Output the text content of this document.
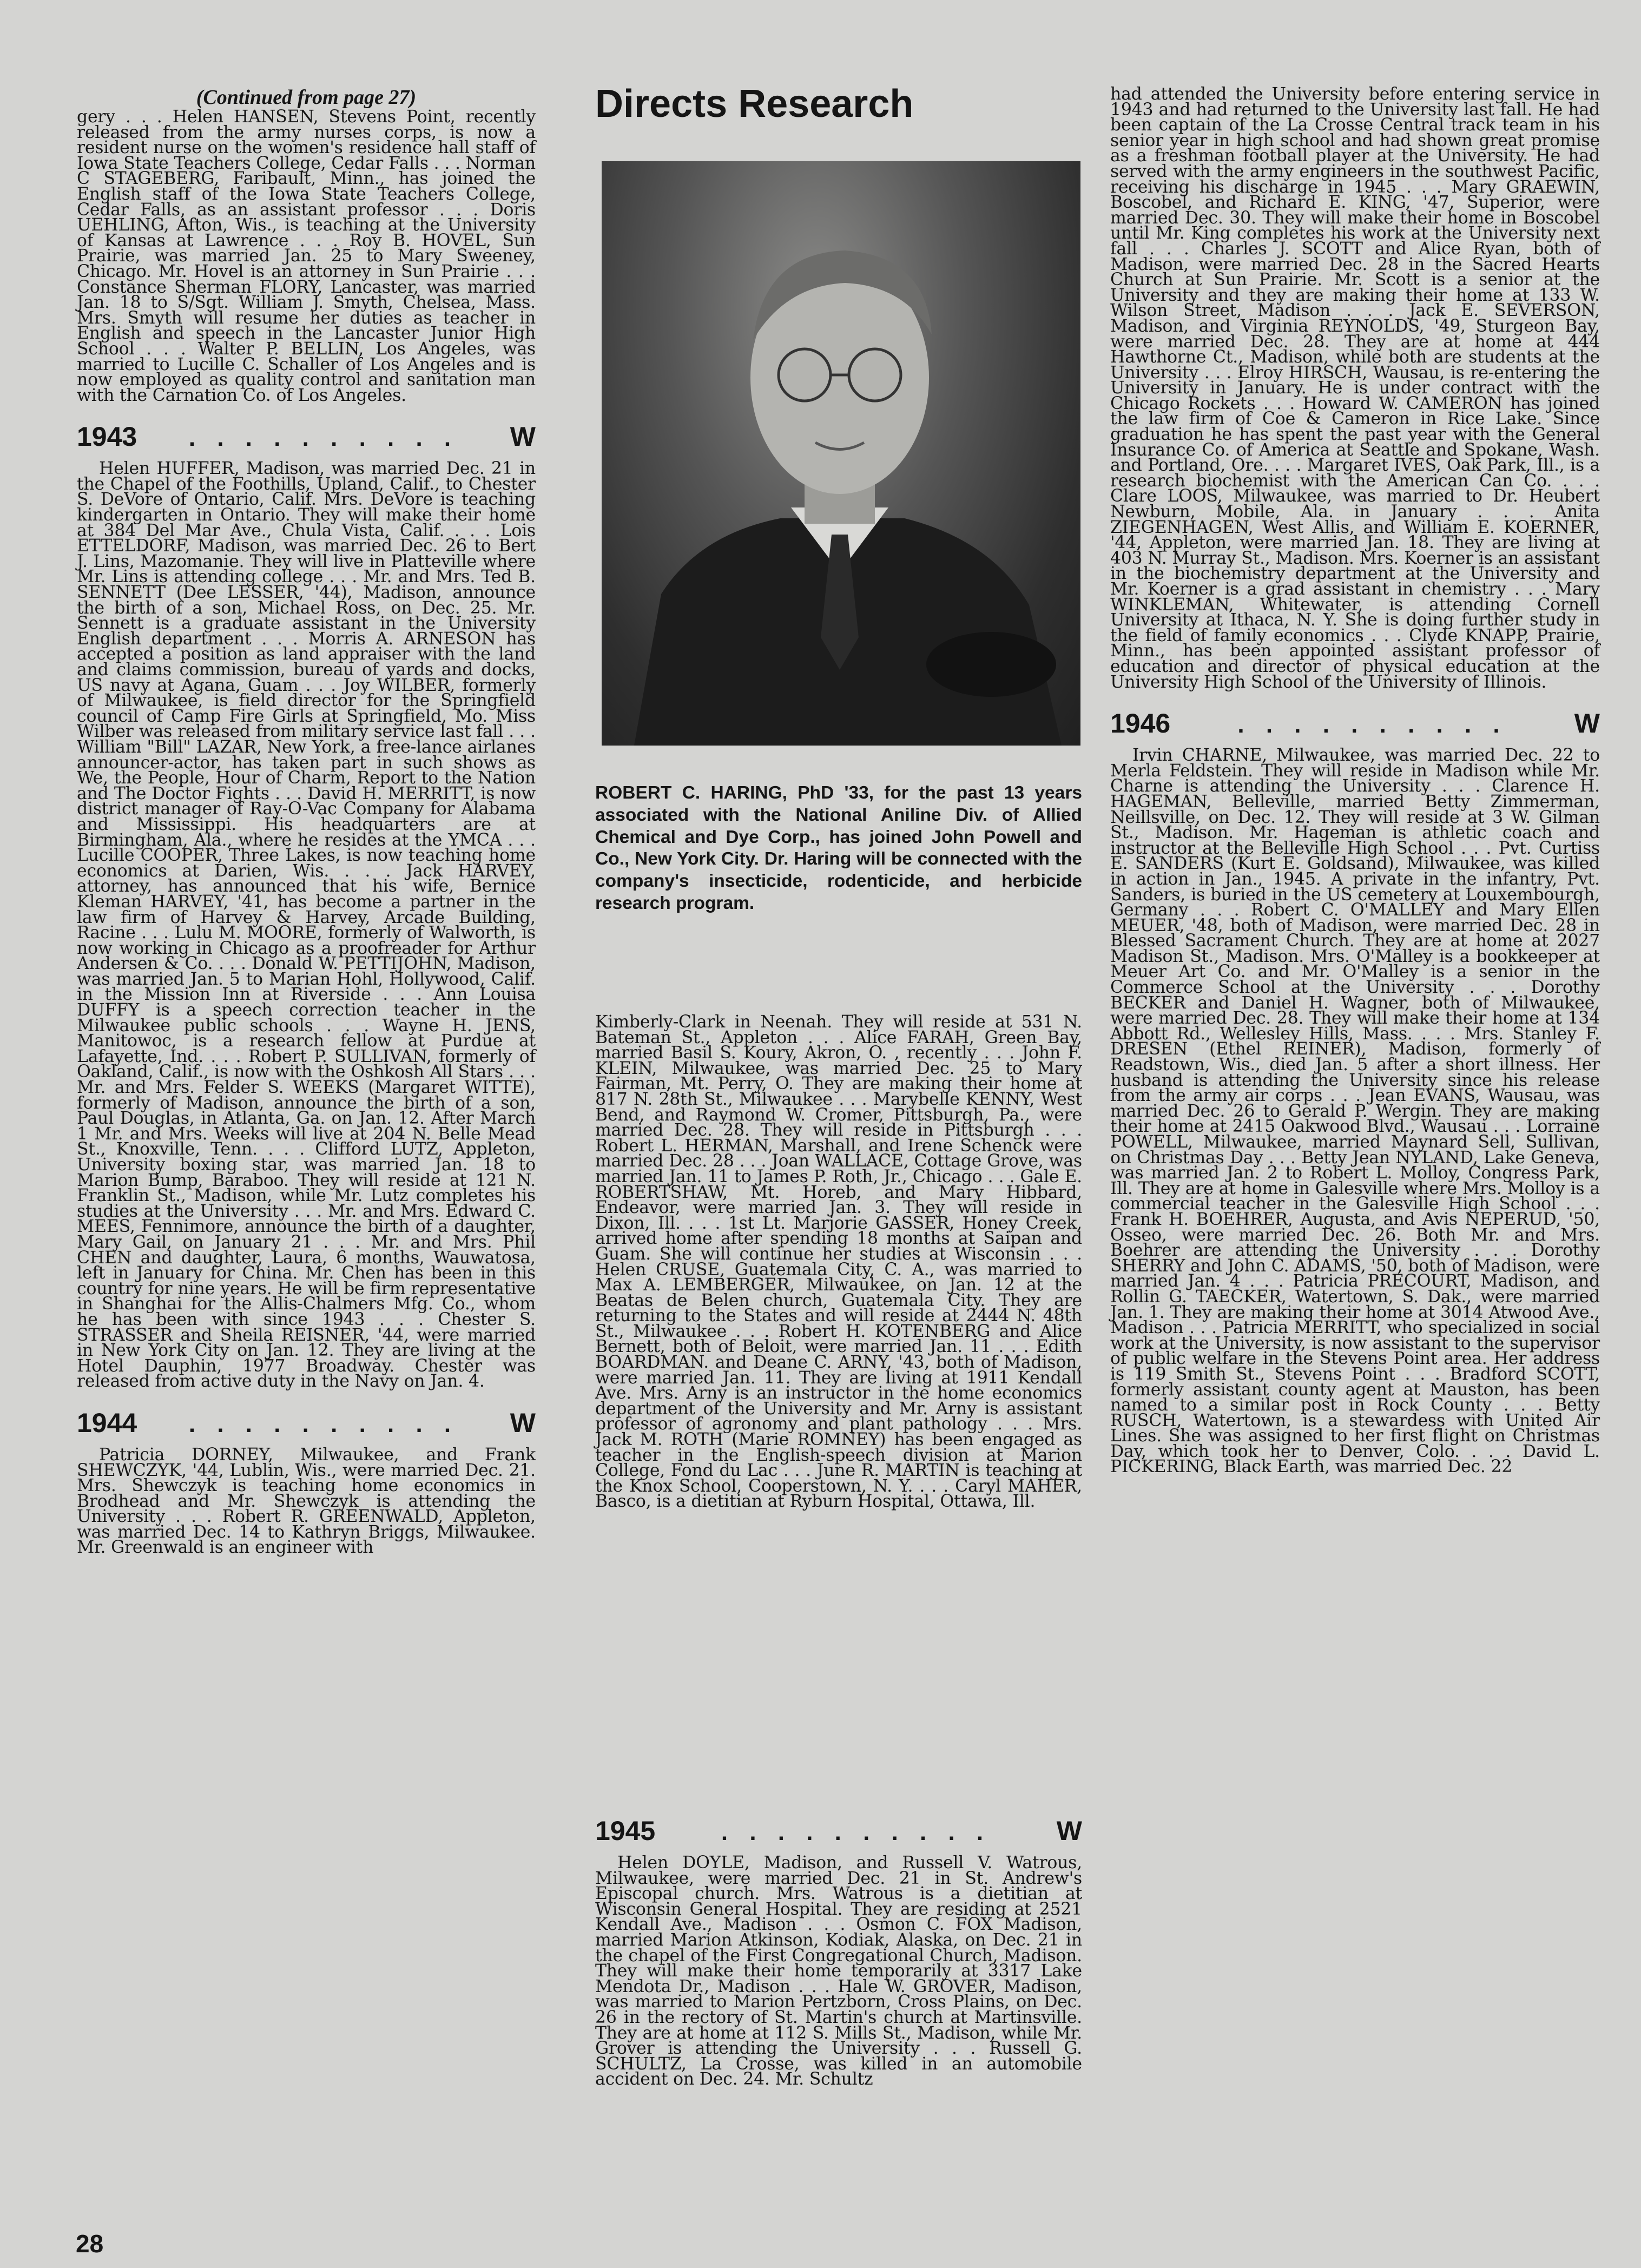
(Continued from page 27)

gery . . . Helen HANSEN, Stevens Point, recently released from the army nurses corps, is now a resident nurse on the women's residence hall staff of Iowa State Teachers College, Cedar Falls . . . Norman C STAGEBERG, Faribault, Minn., has joined the English staff of the Iowa State Teachers College, Cedar Falls, as an assistant professor . . . Doris UEHLING, Afton, Wis., is teaching at the University of Kansas at Lawrence . . . Roy B. HOVEL, Sun Prairie, was married Jan. 25 to Mary Sweeney, Chicago. Mr. Hovel is an attorney in Sun Prairie . . . Constance Sherman FLORY, Lancaster, was married Jan. 18 to S/Sgt. William J. Smyth, Chelsea, Mass. Mrs. Smyth will resume her duties as teacher in English and speech in the Lancaster Junior High School . . . Walter P. BELLIN, Los Angeles, was married to Lucille C. Schaller of Los Angeles and is now employed as quality control and sanitation man with the Carnation Co. of Los Angeles.

1943	. . . . . . . . . .	W

Helen HUFFER, Madison, was married Dec. 21 in the Chapel of the Foothills, Upland, Calif., to Chester S. DeVore of Ontario, Calif. Mrs. DeVore is teaching kindergarten in Ontario. They will make their home at 384 Del Mar Ave., Chula Vista, Calif. . . . Lois ETTELDORF, Madison, was married Dec. 26 to Bert J. Lins, Mazomanie. They will live in Platteville where Mr. Lins is attending college . . . Mr. and Mrs. Ted B. SENNETT (Dee LESSER, '44), Madison, announce the birth of a son, Michael Ross, on Dec. 25. Mr. Sennett is a graduate assistant in the University English department . . . Morris A. ARNESON has accepted a position as land appraiser with the land and claims commission, bureau of yards and docks, US navy at Agana, Guam . . . Joy WILBER, formerly of Milwaukee, is field director for the Springfield council of Camp Fire Girls at Springfield, Mo. Miss Wilber was released from military service last fall . . . William "Bill" LAZAR, New York, a free-lance airlanes announcer-actor, has taken part in such shows as We, the People, Hour of Charm, Report to the Nation and The Doctor Fights . . . David H. MERRITT, is now district manager of Ray-O-Vac Company for Alabama and Mississippi. His headquarters are at Birmingham, Ala., where he resides at the YMCA . . . Lucille COOPER, Three Lakes, is now teaching home economics at Darien, Wis. . . . Jack HARVEY, attorney, has announced that his wife, Bernice Kleman HARVEY, '41, has become a partner in the law firm of Harvey & Harvey, Arcade Building, Racine . . . Lulu M. MOORE, formerly of Walworth, is now working in Chicago as a proofreader for Arthur Andersen & Co. . . . Donald W. PETTIJOHN, Madison, was married Jan. 5 to Marian Hohl, Hollywood, Calif. in the Mission Inn at Riverside . . . Ann Louisa DUFFY is a speech correction teacher in the Milwaukee public schools . . . Wayne H. JENS, Manitowoc, is a research fellow at Purdue at Lafayette, Ind. . . . Robert P. SULLIVAN, formerly of Oakland, Calif., is now with the Oshkosh All Stars . . . Mr. and Mrs. Felder S. WEEKS (Margaret WITTE), formerly of Madison, announce the birth of a son, Paul Douglas, in Atlanta, Ga. on Jan. 12. After March 1 Mr. and Mrs. Weeks will live at 204 N. Belle Mead St., Knoxville, Tenn. . . . Clifford LUTZ, Appleton, University boxing star, was married Jan. 18 to Marion Bump, Baraboo. They will reside at 121 N. Franklin St., Madison, while Mr. Lutz completes his studies at the University . . . Mr. and Mrs. Edward C. MEES, Fennimore, announce the birth of a daughter, Mary Gail, on January 21 . . . Mr. and Mrs. Phil CHEN and daughter, Laura, 6 months, Wauwatosa, left in January for China. Mr. Chen has been in this country for nine years. He will be firm representative in Shanghai for the Allis-Chalmers Mfg. Co., whom he has been with since 1943 . . . Chester S. STRASSER and Sheila REISNER, '44, were married in New York City on Jan. 12. They are living at the Hotel Dauphin, 1977 Broadway. Chester was released from active duty in the Navy on Jan. 4.

1944	. . . . . . . . . .	W

Patricia DORNEY, Milwaukee, and Frank SHEWCZYK, '44, Lublin, Wis., were married Dec. 21. Mrs. Shewczyk is teaching home economics in Brodhead and Mr. Shewczyk is attending the University . . . Robert R. GREENWALD, Appleton, was married Dec. 14 to Kathryn Briggs, Milwaukee. Mr. Greenwald is an engineer with

Directs Research

ROBERT C. HARING, PhD '33, for the past 13 years associated with the National Aniline Div. of Allied Chemical and Dye Corp., has joined John Powell and Co., New York City. Dr. Haring will be connected with the company's insecticide, rodenticide, and herbicide research program.

Kimberly-Clark in Neenah. They will reside at 531 N. Bateman St., Appleton . . . Alice FARAH, Green Bay, married Basil S. Koury, Akron, O. , recently . . . John F. KLEIN, Milwaukee, was married Dec. 25 to Mary Fairman, Mt. Perry, O. They are making their home at 817 N. 28th St., Milwaukee . . . Marybelle KENNY, West Bend, and Raymond W. Cromer, Pittsburgh, Pa., were married Dec. 28. They will reside in Pittsburgh . . . Robert L. HERMAN, Marshall, and Irene Schenck were married Dec. 28 . . . Joan WALLACE, Cottage Grove, was married Jan. 11 to James P. Roth, Jr., Chicago . . . Gale E. ROBERTSHAW, Mt. Horeb, and Mary Hibbard, Endeavor, were married Jan. 3. They will reside in Dixon, Ill. . . . 1st Lt. Marjorie GASSER, Honey Creek, arrived home after spending 18 months at Saipan and Guam. She will continue her studies at Wisconsin . . . Helen CRUSE, Guatemala City, C. A., was married to Max A. LEMBERGER, Milwaukee, on Jan. 12 at the Beatas de Belen church, Guatemala City. They are returning to the States and will reside at 2444 N. 48th St., Milwaukee . . . Robert H. KOTENBERG and Alice Bernett, both of Beloit, were married Jan. 11 . . . Edith BOARDMAN. and Deane C. ARNY, '43, both of Madison, were married Jan. 11. They are living at 1911 Kendall Ave. Mrs. Arny is an instructor in the home economics department of the University and Mr. Arny is assistant professor of agronomy and plant pathology . . . Mrs. Jack M. ROTH (Marie ROMNEY) has been engaged as teacher in the English-speech division at Marion College, Fond du Lac . . . June R. MARTIN is teaching at the Knox School, Cooperstown, N. Y. . . . Caryl MAHER, Basco, is a dietitian at Ryburn Hospital, Ottawa, Ill.

1945	. . . . . . . . . .	W

Helen DOYLE, Madison, and Russell V. Watrous, Milwaukee, were married Dec. 21 in St. Andrew's Episcopal church. Mrs. Watrous is a dietitian at Wisconsin General Hospital. They are residing at 2521 Kendall Ave., Madison . . . Osmon C. FOX Madison, married Marion Atkinson, Kodiak, Alaska, on Dec. 21 in the chapel of the First Congregational Church, Madison. They will make their home temporarily at 3317 Lake Mendota Dr., Madison . . . Hale W. GROVER, Madison, was married to Marion Pertzborn, Cross Plains, on Dec. 26 in the rectory of St. Martin's church at Martinsville. They are at home at 112 S. Mills St., Madison, while Mr. Grover is attending the University . . . Russell G. SCHULTZ, La Crosse, was killed in an automobile accident on Dec. 24. Mr. Schultz

had attended the University before entering service in 1943 and had returned to the University last fall. He had been captain of the La Crosse Central track team in his senior year in high school and had shown great promise as a freshman football player at the University. He had served with the army engineers in the southwest Pacific, receiving his discharge in 1945 . . . Mary GRAEWIN, Boscobel, and Richard E. KING, '47, Superior, were married Dec. 30. They will make their home in Boscobel until Mr. King completes his work at the University next fall . . . Charles J. SCOTT and Alice Ryan, both of Madison, were married Dec. 28 in the Sacred Hearts Church at Sun Prairie. Mr. Scott is a senior at the University and they are making their home at 133 W. Wilson Street, Madison . . . Jack E. SEVERSON, Madison, and Virginia REYNOLDS, '49, Sturgeon Bay, were married Dec. 28. They are at home at 444 Hawthorne Ct., Madison, while both are students at the University . . . Elroy HIRSCH, Wausau, is re-entering the University in January. He is under contract with the Chicago Rockets . . . Howard W. CAMERON has joined the law firm of Coe & Cameron in Rice Lake. Since graduation he has spent the past year with the General Insurance Co. of America at Seattle and Spokane, Wash. and Portland, Ore. . . . Margaret IVES, Oak Park, Ill., is a research biochemist with the American Can Co. . . . Clare LOOS, Milwaukee, was married to Dr. Heubert Newburn, Mobile, Ala. in January . . . Anita ZIEGENHAGEN, West Allis, and William E. KOERNER, '44, Appleton, were married Jan. 18. They are living at 403 N. Murray St., Madison. Mrs. Koerner is an assistant in the biochemistry department at the University and Mr. Koerner is a grad assistant in chemistry . . . Mary WINKLEMAN, Whitewater, is attending Cornell University at Ithaca, N. Y. She is doing further study in the field of family economics . . . Clyde KNAPP, Prairie, Minn., has been appointed assistant professor of education and director of physical education at the University High School of the University of Illinois.

1946	. . . . . . . . . .	W

Irvin CHARNE, Milwaukee, was married Dec. 22 to Merla Feldstein. They will reside in Madison while Mr. Charne is attending the University . . . Clarence H. HAGEMAN, Belleville, married Betty Zimmerman, Neillsville, on Dec. 12. They will reside at 3 W. Gilman St., Madison. Mr. Hageman is athletic coach and instructor at the Belleville High School . . . Pvt. Curtiss E. SANDERS (Kurt E. Goldsand), Milwaukee, was killed in action in Jan., 1945. A private in the infantry, Pvt. Sanders, is buried in the US cemetery at Louxembourgh, Germany . . . Robert C. O'MALLEY and Mary Ellen MEUER, '48, both of Madison, were married Dec. 28 in Blessed Sacrament Church. They are at home at 2027 Madison St., Madison. Mrs. O'Malley is a bookkeeper at Meuer Art Co. and Mr. O'Malley is a senior in the Commerce School at the University . . . Dorothy BECKER and Daniel H. Wagner, both of Milwaukee, were married Dec. 28. They will make their home at 134 Abbott Rd., Wellesley Hills, Mass. . . . Mrs. Stanley F. DRESEN (Ethel REINER), Madison, formerly of Readstown, Wis., died Jan. 5 after a short illness. Her husband is attending the University since his release from the army air corps . . . Jean EVANS, Wausau, was married Dec. 26 to Gerald P. Wergin. They are making their home at 2415 Oakwood Blvd., Wausau . . . Lorraine POWELL, Milwaukee, married Maynard Sell, Sullivan, on Christmas Day . . . Betty Jean NYLAND, Lake Geneva, was married Jan. 2 to Robert L. Molloy, Congress Park, Ill. They are at home in Galesville where Mrs. Molloy is a commercial teacher in the Galesville High School . . . Frank H. BOEHRER, Augusta, and Avis NEPERUD, '50, Osseo, were married Dec. 26. Both Mr. and Mrs. Boehrer are attending the University . . . Dorothy SHERRY and John C. ADAMS, '50, both of Madison, were married Jan. 4 . . . Patricia PRECOURT, Madison, and Rollin G. TAECKER, Watertown, S. Dak., were married Jan. 1. They are making their home at 3014 Atwood Ave., Madison . . . Patricia MERRITT, who specialized in social work at the University, is now assistant to the supervisor of public welfare in the Stevens Point area. Her address is 119 Smith St., Stevens Point . . . Bradford SCOTT, formerly assistant county agent at Mauston, has been named to a similar post in Rock County . . . Betty RUSCH, Watertown, is a stewardess with United Air Lines. She was assigned to her first flight on Christmas Day, which took her to Denver, Colo. . . . David L. PICKERING, Black Earth, was married Dec. 22

28
